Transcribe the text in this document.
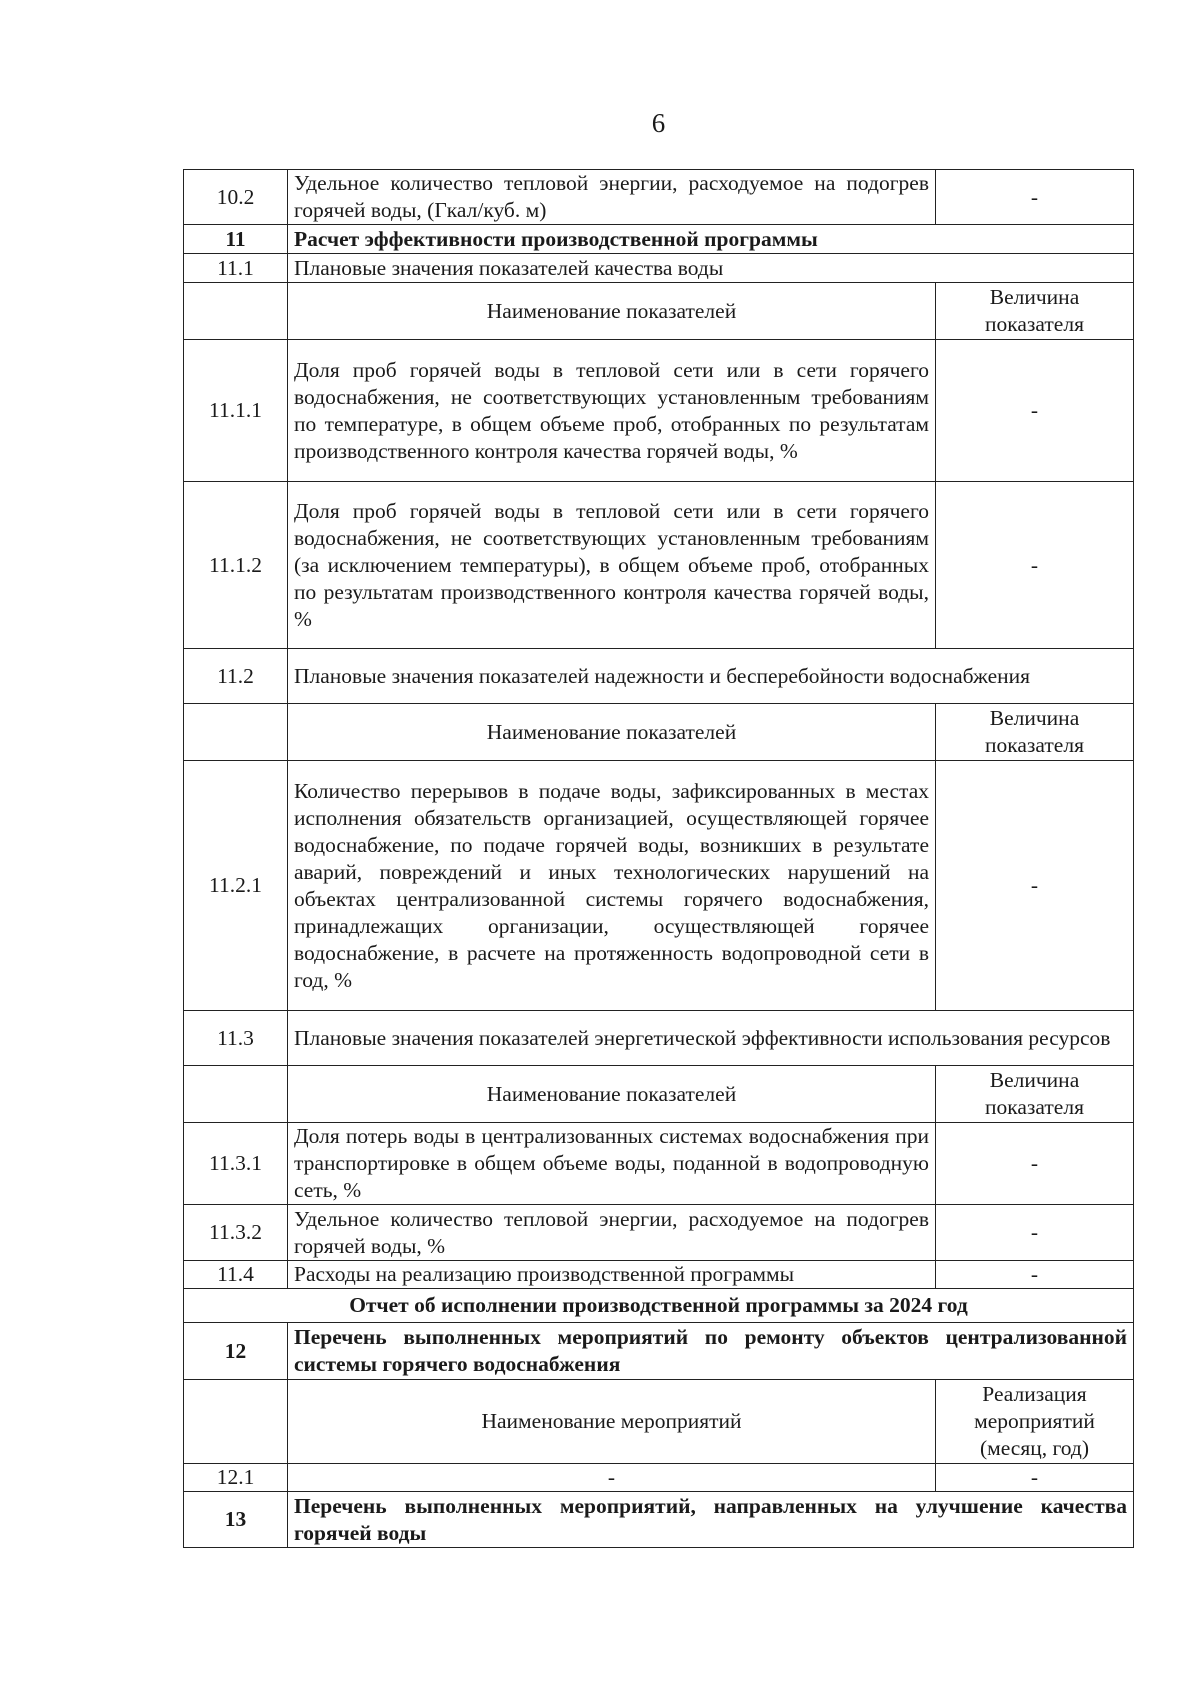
6
10.2	Удельное количество тепловой энергии, расходуемое на подогрев горячей воды, (Гкал/куб. м)	-
11	Расчет эффективности производственной программы	
11.1	Плановые значения показателей качества воды	
	Наименование показателей	Величина показателя
11.1.1	Доля проб горячей воды в тепловой сети или в сети горячего водоснабжения, не соответствующих установленным требованиям по температуре, в общем объеме проб, отобранных по результатам производственного контроля качества горячей воды, %	-
11.1.2	Доля проб горячей воды в тепловой сети или в сети горячего водоснабжения, не соответствующих установленным требованиям (за исключением температуры), в общем объеме проб, отобранных по результатам производственного контроля качества горячей воды, %	-
11.2	Плановые значения показателей надежности и бесперебойности водоснабжения	
	Наименование показателей	Величина показателя
11.2.1	Количество перерывов в подаче воды, зафиксированных в местах исполнения обязательств организацией, осуществляющей горячее водоснабжение, по подаче горячей воды, возникших в результате аварий, повреждений и иных технологических нарушений на объектах централизованной системы горячего водоснабжения, принадлежащих организации, осуществляющей горячее водоснабжение, в расчете на протяженность водопроводной сети в год, %	-
11.3	Плановые значения показателей энергетической эффективности использования ресурсов	
	Наименование показателей	Величина показателя
11.3.1	Доля потерь воды в централизованных системах водоснабжения при транспортировке в общем объеме воды, поданной в водопроводную сеть, %	-
11.3.2	Удельное количество тепловой энергии, расходуемое на подогрев горячей воды, %	-
11.4	Расходы на реализацию производственной программы	-
Отчет об исполнении производственной программы за 2024 год		
12	Перечень выполненных мероприятий по ремонту объектов централизованной системы горячего водоснабжения	
	Наименование мероприятий	Реализация мероприятий (месяц, год)
12.1	-	-
13	Перечень выполненных мероприятий, направленных на улучшение качества горячей воды	
